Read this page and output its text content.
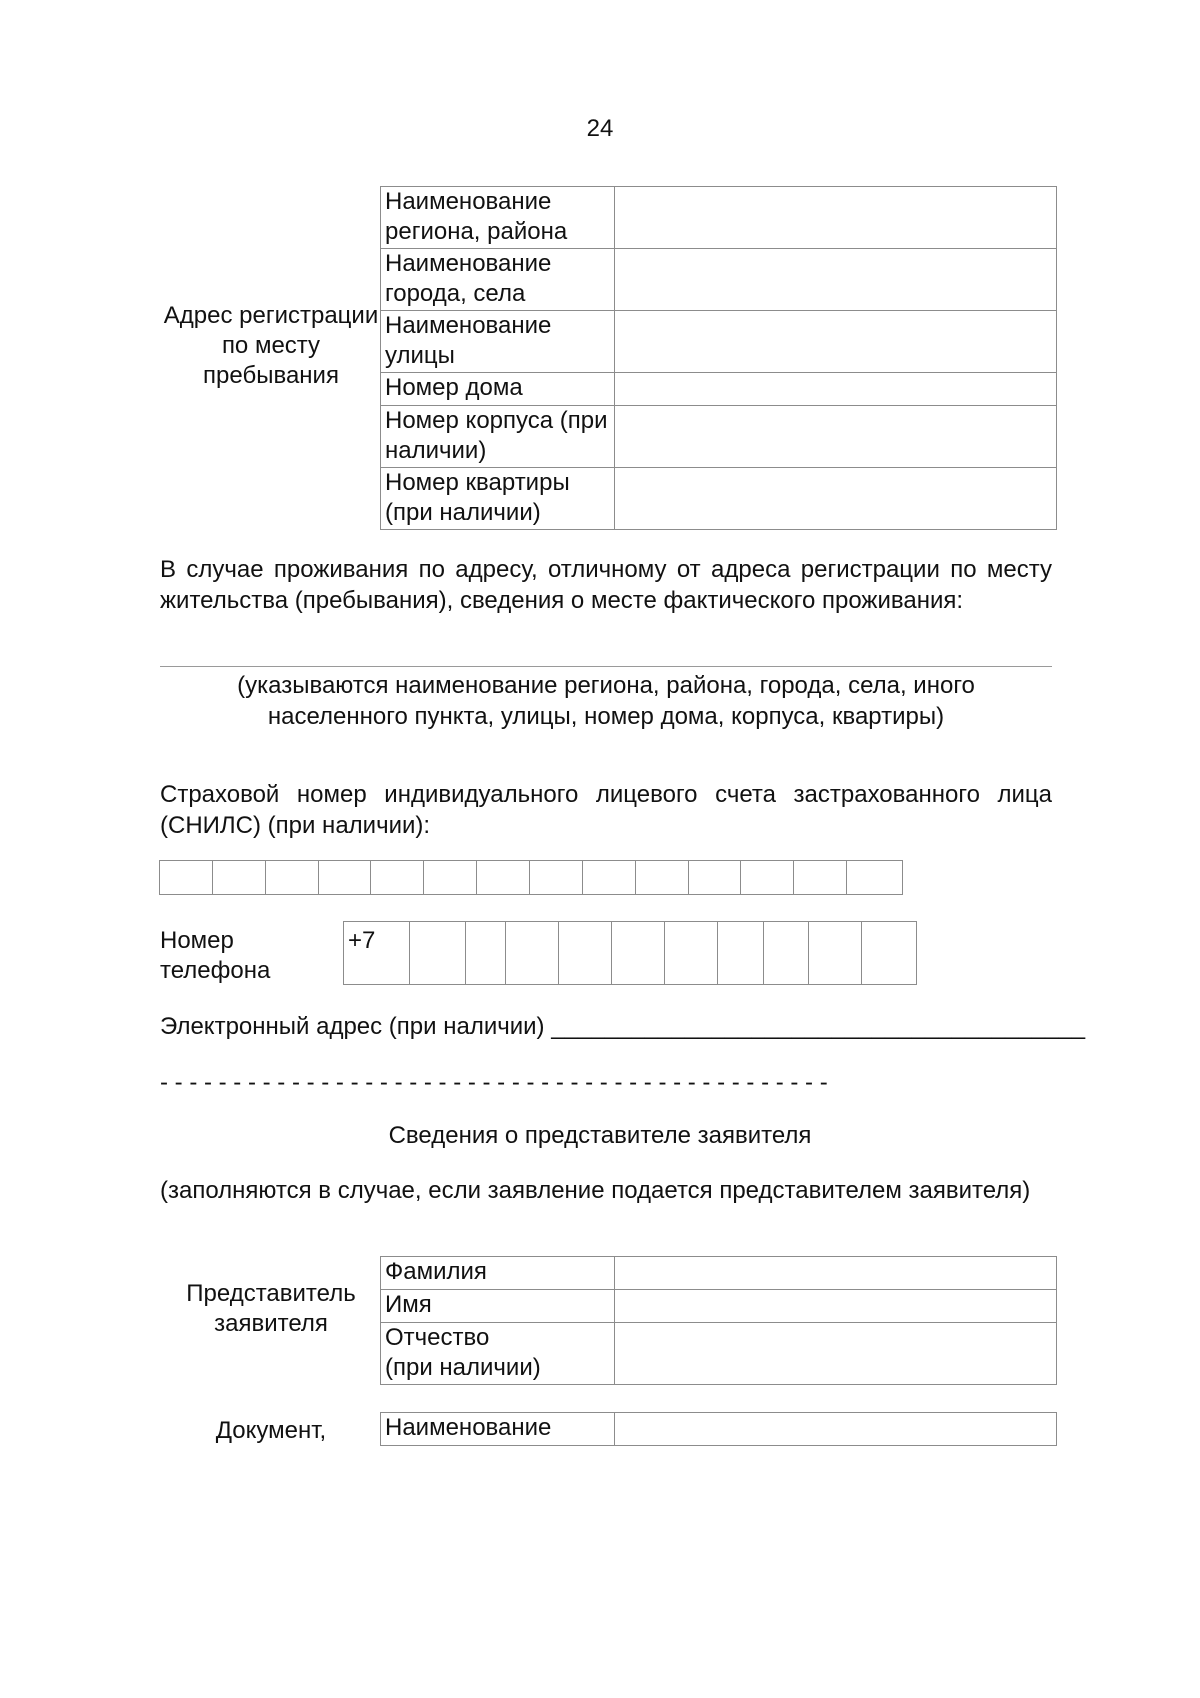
24
Адрес регистрации
по месту
пребывания
Наименование
региона, района	

Наименование
города, села	

Наименование
улицы	

Номер дома	

Номер корпуса (при
наличии)	

Номер квартиры
(при наличии)	

В случае проживания по адресу, отличному от адреса регистрации по месту
жительства (пребывания), сведения о месте фактического проживания:
(указываются наименование региона, района, города, села, иного
населенного пункта, улицы, номер дома, корпуса, квартиры)
Страховой номер индивидуального лицевого счета застрахованного лица
(СНИЛС) (при наличии):
Номер
телефона
+7
Электронный адрес (при наличии) ________________________________________
- - - - - - - - - - - - - - - - - - - - - - - - - - - - - - - - - - - - - - - - - - - - - -
Сведения о представителе заявителя
(заполняются в случае, если заявление подается представителем заявителя)
Представитель
заявителя
Фамилия	

Имя	

Отчество
(при наличии)	

Документ,	Наименование
